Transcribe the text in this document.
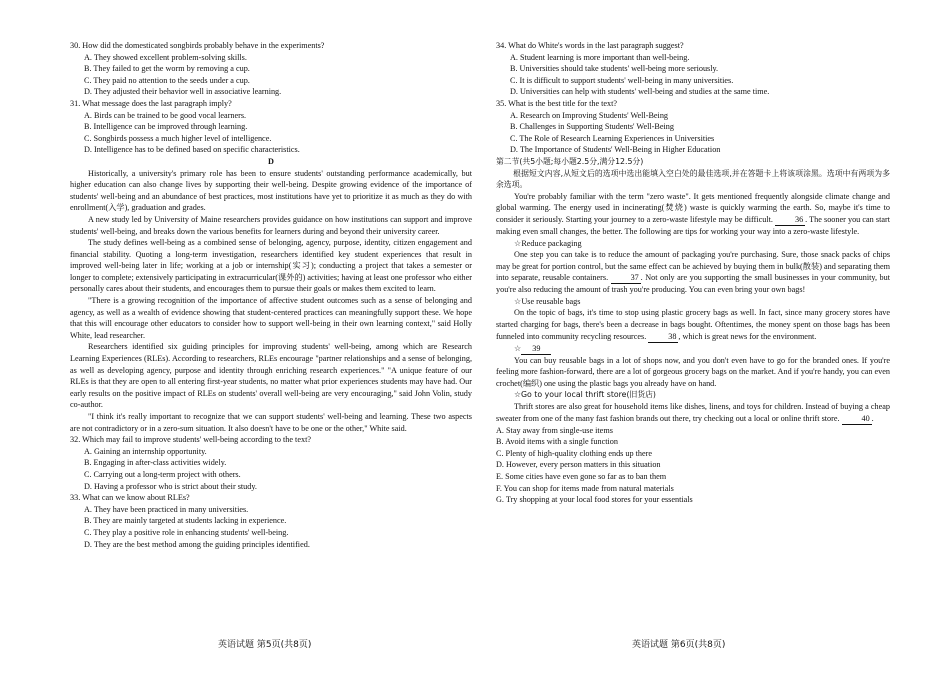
30. How did the domesticated songbirds probably behave in the experiments?

A. They showed excellent problem-solving skills.

B. They failed to get the worm by removing a cup.

C. They paid no attention to the seeds under a cup.

D. They adjusted their behavior well in associative learning.

31. What message does the last paragraph imply?

A. Birds can be trained to be good vocal learners.

B. Intelligence can be improved through learning.

C. Songbirds possess a much higher level of intelligence.

D. Intelligence has to be defined based on specific characteristics.

D

Historically, a university's primary role has been to ensure students' outstanding performance academically, but higher education can also change lives by supporting their well-being. Despite growing evidence of the importance of students' well-being and an abundance of best practices, most institutions have yet to prioritize it as much as they do with enrollment(入学), graduation and grades.

A new study led by University of Maine researchers provides guidance on how institutions can support and improve students' well-being, and breaks down the various benefits for learners during and beyond their university career.

The study defines well-being as a combined sense of belonging, agency, purpose, identity, citizen engagement and financial stability. Quoting a long-term investigation, researchers identified key student experiences that result in improved well-being later in life; working at a job or internship(实习); conducting a project that takes a semester or longer to complete; extensively participating in extracurricular(课外的) activities; having at least one professor who either personally cares about their students, and encourages them to pursue their goals or makes them excited to learn.

"There is a growing recognition of the importance of affective student outcomes such as a sense of belonging and agency, as well as a wealth of evidence showing that student-centered practices can meaningfully support these. We hope that this will encourage other educators to consider how to support well-being in their own learning context," said Holly White, lead researcher.

Researchers identified six guiding principles for improving students' well-being, among which are Research Learning Experiences (RLEs). According to researchers, RLEs encourage "partner relationships and a sense of belonging, as well as developing agency, purpose and identity through enriching research experiences." "A unique feature of our RLEs is that they are open to all entering first-year students, no matter what prior experiences students may have had. Our early results on the positive impact of RLEs on students' overall well-being are very encouraging," said John Volin, study co-author.

"I think it's really important to recognize that we can support students' well-being and learning. These two aspects are not contradictory or in a zero-sum situation. It also doesn't have to be one or the other," White said.

32. Which may fail to improve students' well-being according to the text?

A. Gaining an internship opportunity.

B. Engaging in after-class activities widely.

C. Carrying out a long-term project with others.

D. Having a professor who is strict about their study.

33. What can we know about RLEs?

A. They have been practiced in many universities.

B. They are mainly targeted at students lacking in experience.

C. They play a positive role in enhancing students' well-being.

D. They are the best method among the guiding principles identified.

34. What do White's words in the last paragraph suggest?

A. Student learning is more important than well-being.

B. Universities should take students' well-being more seriously.

C. It is difficult to support students' well-being in many universities.

D. Universities can help with students' well-being and studies at the same time.

35. What is the best title for the text?

A. Research on Improving Students' Well-Being

B. Challenges in Supporting Students' Well-Being

C. The Role of Research Learning Experiences in Universities

D. The Importance of Students' Well-Being in Higher Education

第二节(共5小题;每小题2.5分,满分12.5分)

根据短文内容,从短文后的选项中选出能填入空白处的最佳选项,并在答题卡上将该项涂黑。选项中有两项为多余选项。

You're probably familiar with the term "zero waste". It gets mentioned frequently alongside climate change and global warming. The energy used in incinerating(焚烧) waste is quickly warming the earth. So, maybe it's time to consider it seriously. Starting your journey to a zero-waste lifestyle may be difficult.	36 . The sooner you can start making even small changes, the better. The following are tips for working your way into a zero-waste lifestyle.

☆Reduce packaging

One step you can take is to reduce the amount of packaging you're purchasing. Sure, those snack packs of chips may be great for portion control, but the same effect can be achieved by buying them in bulk(散装) and separating them into separate, reusable containers.	37 . Not only are you supporting the small businesses in your community, but you're also reducing the amount of trash you're producing. You can even bring your own bags!

☆Use reusable bags

On the topic of bags, it's time to stop using plastic grocery bags as well. In fact, since many grocery stores have started charging for bags, there's been a decrease in bags bought. Oftentimes, the money spent on those bags has been funneled into community recycling resources.	38 , which is great news for the environment.

☆ 39

You can buy reusable bags in a lot of shops now, and you don't even have to go for the branded ones. If you're feeling more fashion-forward, there are a lot of gorgeous grocery bags on the market. And if you're handy, you can even crochet(编织) one using the plastic bags you already have on hand.

☆Go to your local thrift store(旧货店)

Thrift stores are also great for household items like dishes, linens, and toys for children. Instead of buying a cheap sweater from one of the many fast fashion brands out there, try checking out a local or online thrift store.	40 .

A. Stay away from single-use items

B. Avoid items with a single function

C. Plenty of high-quality clothing ends up there

D. However, every person matters in this situation

E. Some cities have even gone so far as to ban them

F. You can shop for items made from natural materials

G. Try shopping at your local food stores for your essentials

英语试题 第5页(共8页)	英语试题 第6页(共8页)
